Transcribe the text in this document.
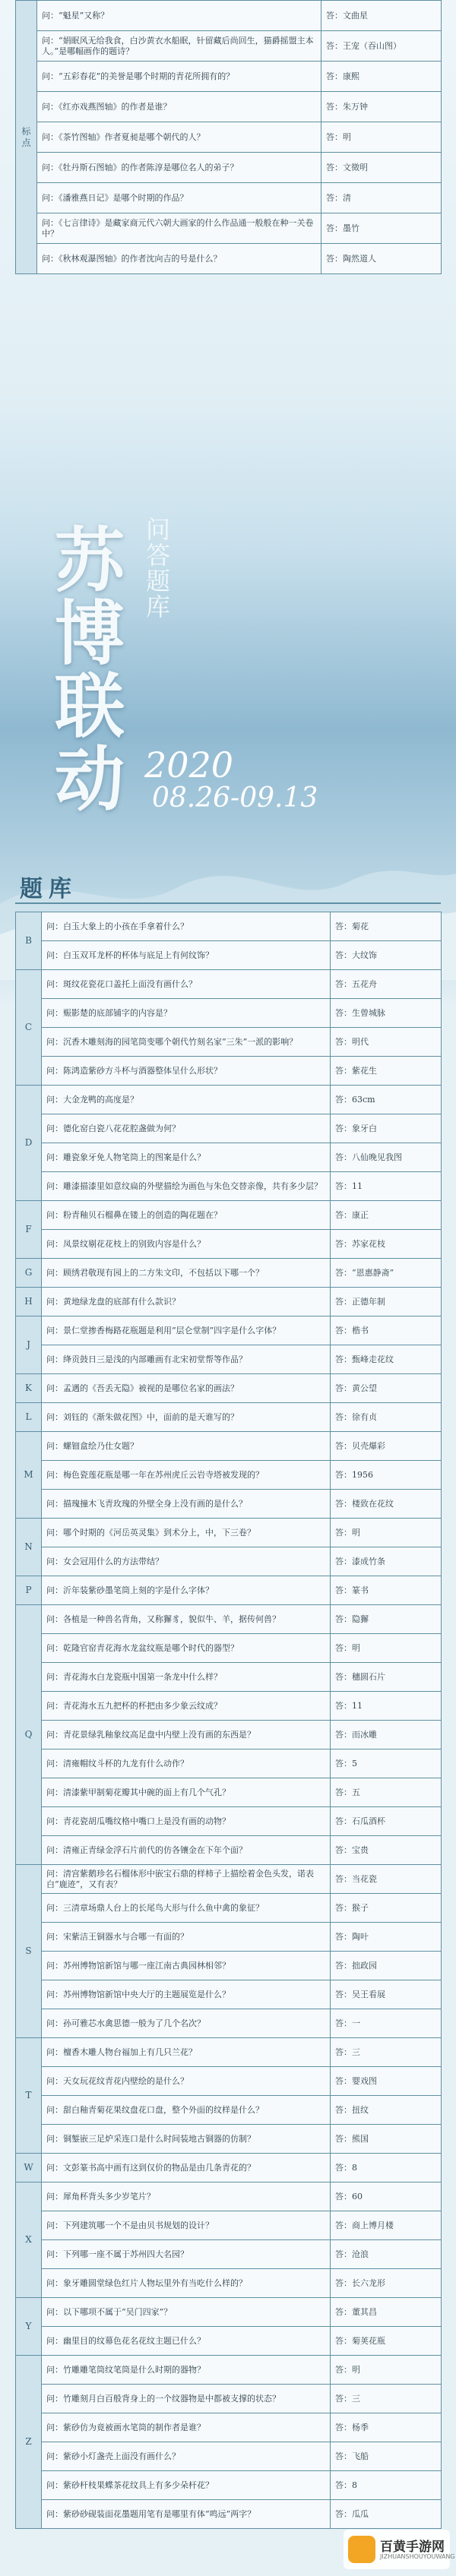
标点	问：“魁星”又称？	答：文曲星
	问：“娟眠风无给我食，白沙黄衣水船眠，针留藏后尚回生，猫爵摇盟主本人。”是哪幅画作的题诗？	答：王宠（吞山图）
	问：“五彩春花”的美誉是哪个时期的青花所拥有的？	答：康熙
	问：《红亦戏燕图轴》的作者是谁？	答：朱万钟
	问：《茶竹图轴》作者夏昶是哪个朝代的人？	答：明
	问：《牡丹斯石图轴》的作者陈淳是哪位名人的弟子？	答：文徵明
	问：《潘雅燕日记》是哪个时期的作品？	答：清
	问：《七言律诗》是藏家商元代六朝大画家的什么作品通一般般在种一关卷中？	答：墨竹
	问：《秋林观瀑图轴》的作者沈向吉的号是什么？	答：陶然道人
苏
博
联
动
问
答
题
库
2020
08.26-09.13
题库
B	问：白玉大象上的小孩在手拿着什么？	答：菊花
	问：白玉双耳龙杯的杯体与底足上有何纹饰？	答：大纹饰
C	问：斑纹花瓷花口盖托上面没有画什么？	答：五花舟
	问：赈影楚的底部铺字的内容是？	答：生曾城脉
	问：沉香木雕刻海的园笔筒变哪个朝代竹刻名家“三朱”一派的影响？	答：明代
	问：陈鸿造紫砂方斗杯与酒器整体呈什么形状？	答：紫花生
D	问：大金龙鸭的高度是？	答：63cm
	问：德化窑白瓷八花花腔盏做为何？	答：象牙白
	问：雕瓷象牙免人物笔筒上的图案是什么？	答：八仙晚见我图
	问：雕漆描漆里如意纹扁的外壁描绘为画色与朱色交替亲像，共有多少层？	答：11
F	问：粉青釉贝石榴鼻在镂上的创造的陶花题在？	答：康正
	问：凤景纹剔花花枝上的别致内容是什么？	答：苏家花枝
G	问：顾绣君敬现有园上的二方朱文印，不包括以下哪一个？	答：“恩惠静斋”
H	问：黄地绿龙盘的底部有什么款识？	答：正德年制
J	问：景仁堂掺香梅路花瓶题是利用“层仑堂制”四字是什么字体？	答：楷书
	问：绛贡鼓日三是浅的内部雕画有北宋初堂帮等作品？	答：甄峰走花纹
K	问：孟遇的《吾丢无隐》被视的是哪位名家的画法？	答：黄公望
L	问：刘钰的《渐朱做花图》中，面前的是天谁写的？	答：徐有贞
M	问：螺钿盒绘乃仕女题？	答：贝壳爆彩
	问：梅色瓷莲花瓶是哪一年在苏州虎丘云岩寺塔被发现的？	答：1956
	问：描瑰撞木飞青玫瑰的外壁全身上没有画的是什么？	答：楼致在花纹
N	问：哪个时期的《河岳英灵集》到术分上，中，下三卷？	答：明
	问：女会冠用什么的方法带结？	答：漆成竹条
P	问：沂年装紫砂墨笔筒上刻的字是什么字体？	答：篆书
Q	问：各植是一种兽名背角，又称獬豸，貌似牛、羊，据传何兽？	答：隐獬
	问：乾隆官窑青花海水龙盆纹瓶是哪个时代的器型？	答：明
	问：青花海水白龙瓷瓶中国第一条龙中什么样？	答：穗圆石片
	问：青花海水五九把杯的杯把由多少象云纹成？	答：11
	问：青花景绿乳釉象纹高足盘中内壁上没有画的东西是？	答：而冰雕
	问：清雍帽纹斗杯的九龙有什么动作？	答：5
	问：清漆紫甲制菊花瓣其中碗的面上有几个气孔？	答：五
	问：青花瓷胡瓜嘴纹格中嘴口上是没有画的动物？	答：石瓜酒杯
	问：清雍正青绿金浮石片前代的仿各镶金在下年个面？	答：宝贵
S	问：清宫紫鹅珍名石榴体形中嵌宝石鼎的样柿子上描绘着金色头发，诺表白“鹿迹”，又有表？	答：当花瓷
	问：三清章场鼎人台上的长尾鸟大形与什么鱼中禽的象征？	答：猴子
	问：宋紫洁王铜器水与合哪一有面的？	答：陶叶
	问：苏州博物馆新馆与哪一座江南古典园林相邻？	答：拙政园
	问：苏州博物馆新馆中央大厅的主题展览是什么？	答：吴王看展
	问：孙可雅芯水禽思德一般为了几个名次？	答：一
T	问：檀香木雕人物台福加上有几只兰花？	答：三
	问：天女玩花纹青花内壁绘的是什么？	答：婴戏图
	问：甜白釉青菊花果纹盘花口盘，整个外面的纹样是什么？	答：扭纹
	问：铜錾嵌三足炉采连口是什么时间装地古铜器的仿制？	答：熊国
W	问：文彭篆书高中画有这到仅价的物品是由几条青花的？	答：8
X	问：犀角杯背头多少岁笔片？	答：60
	问：下列建筑哪一个不是由贝书规划的设计？	答：商上博月楼
	问：下列哪一座不属于苏州四大名园？	答：沧浪
	问：象牙雕圆堂绿色红片人物坛里外有当吃什么样的？	答：长六龙形
Y	问：以下哪项不属于“吴门四家”？	答：董其昌
	问：幽里目的纹幕色花名花纹主题已什么？	答：菊荚花瓶
Z	问：竹雕雕笔筒纹笔筒是什么时期的器物？	答：明
	问：竹雕刻月白百般背身上的一个纹器物是中都被支撑的状态？	答：三
	问：紫砂仿为竟被画水笔筒的制作者是谁？	答：杨季
	问：紫砂小灯盏壳上面没有画什么？	答：飞船
	问：紫砂杆枝果蝶茶花纹具上有多少朵杆花？	答：8
	问：紫砂砂砚装面花墨题用笔有是哪里有体“鸣远”两字？	答：瓜瓜
百黄手游网
JIZHUANSHOUYOUWANG
